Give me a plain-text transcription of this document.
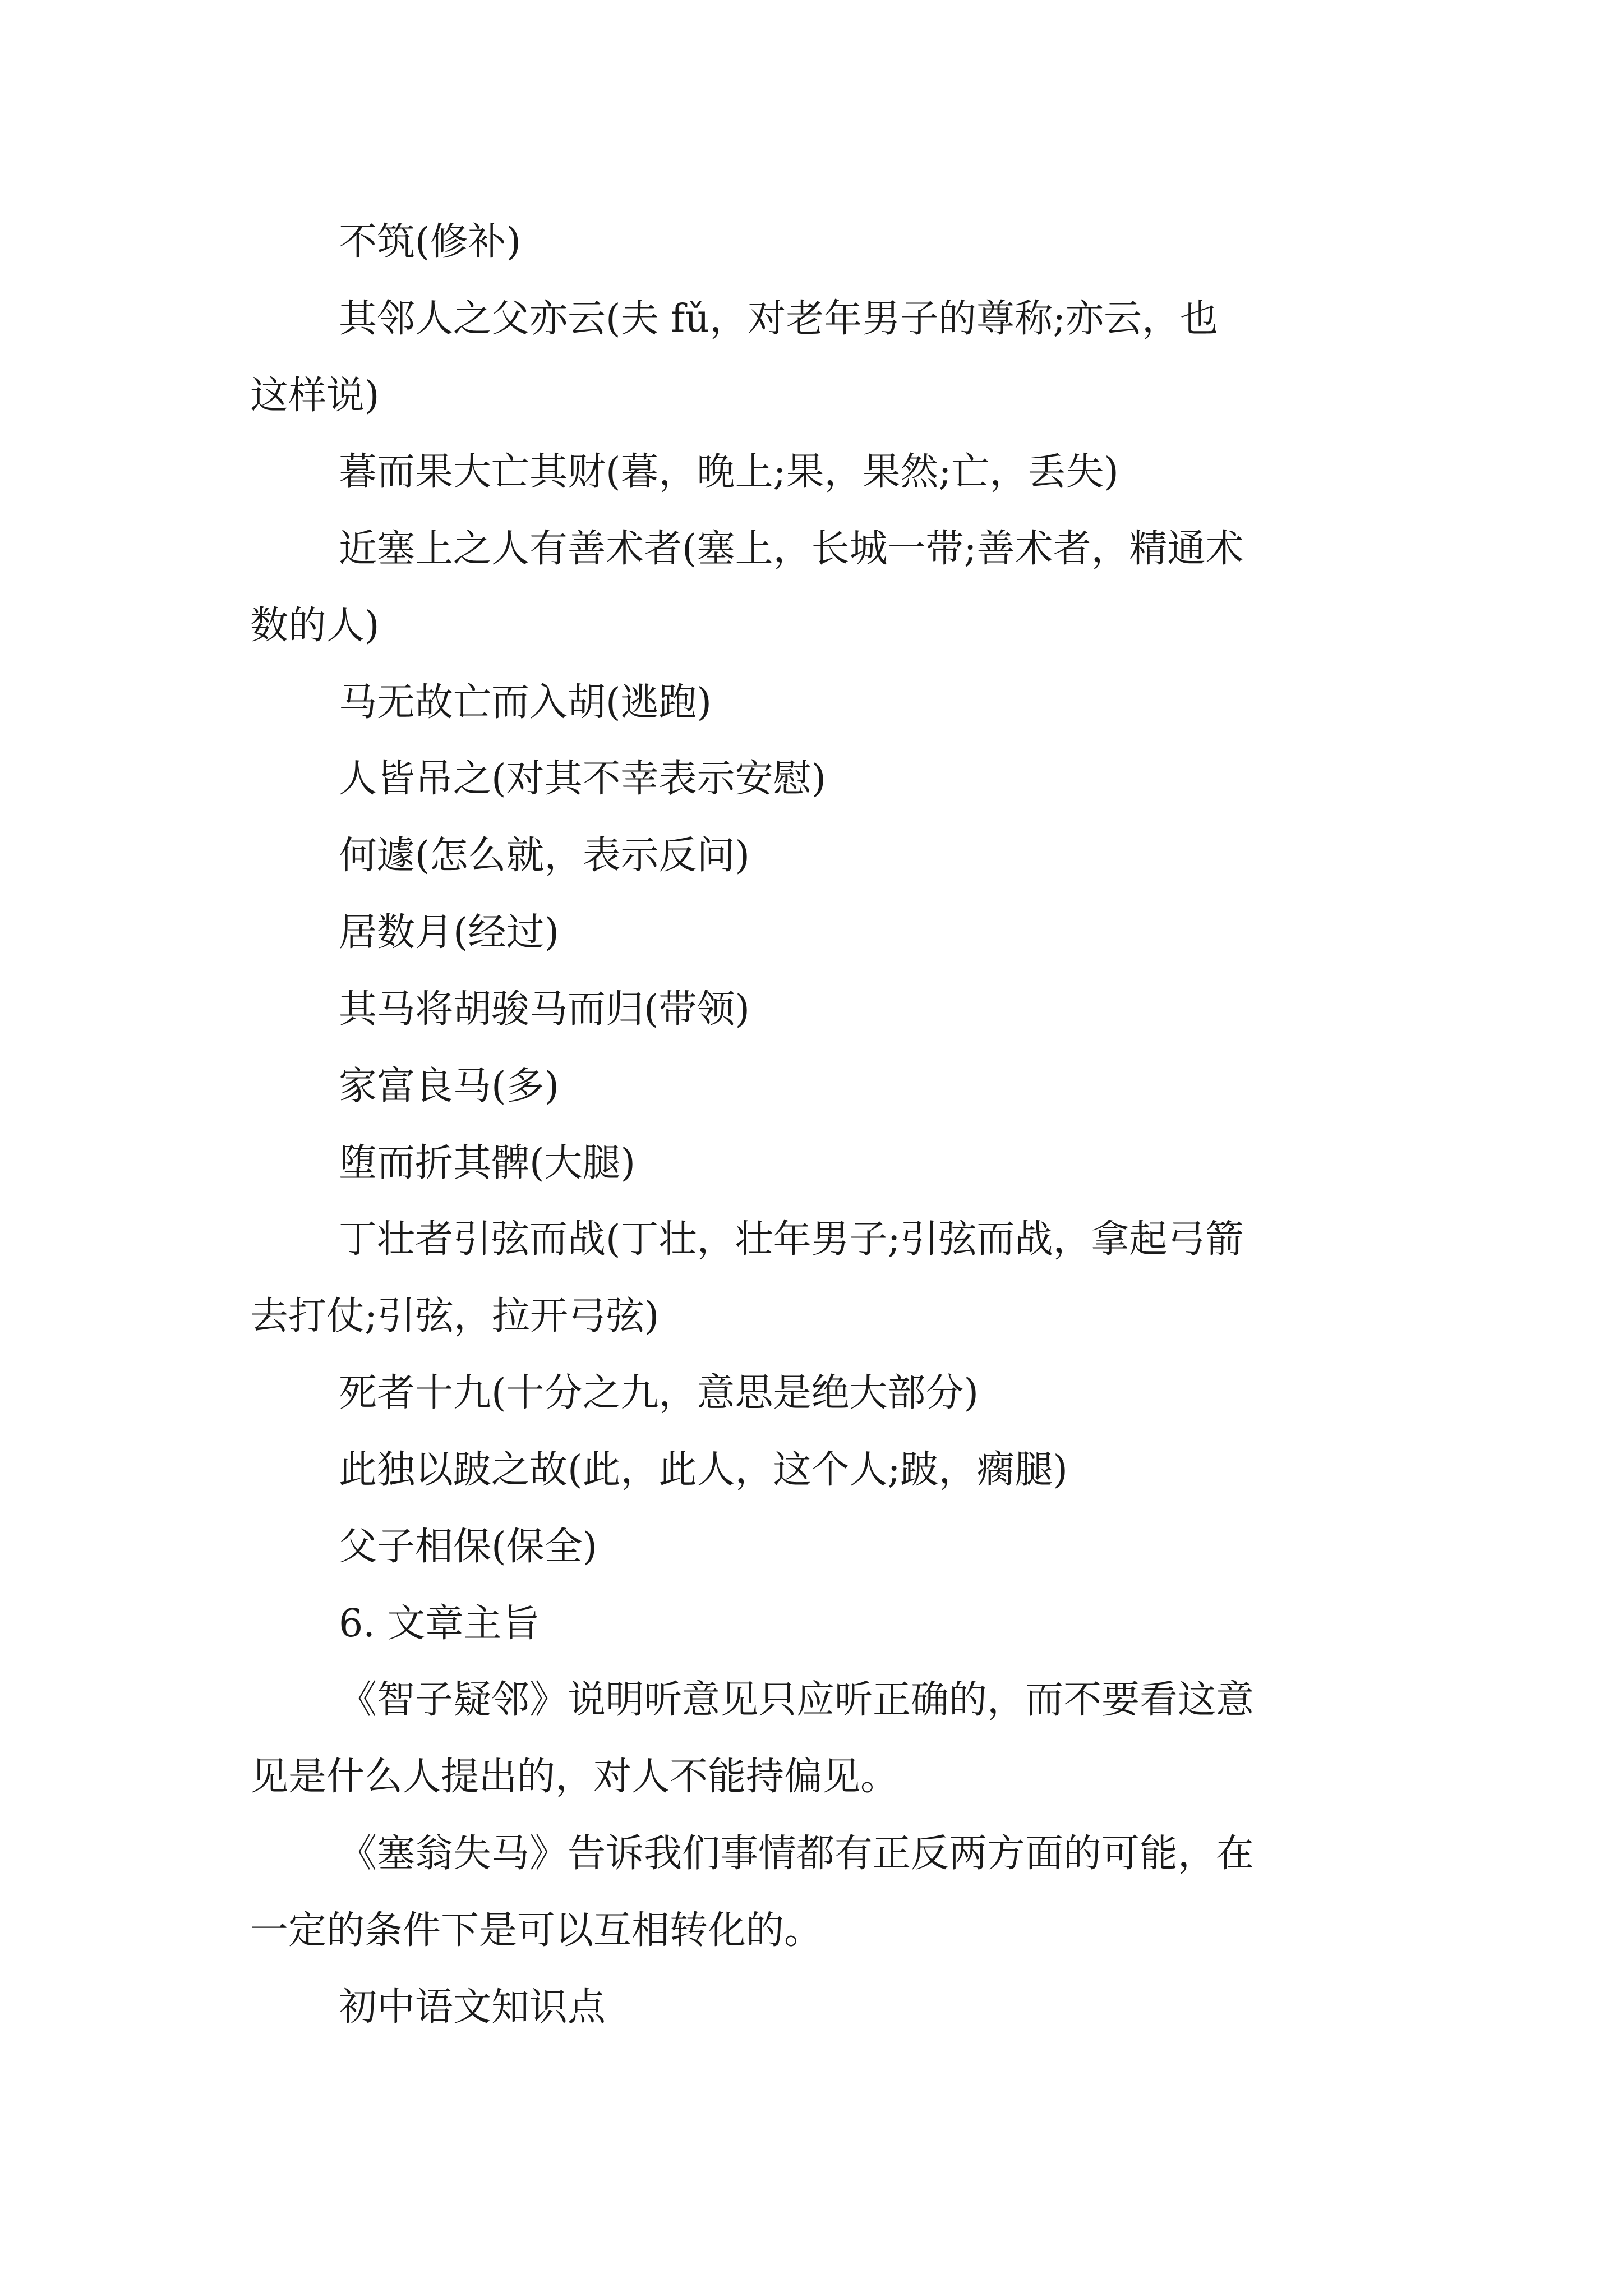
不筑(修补)
其邻人之父亦云(夫 fǔ，对老年男子的尊称;亦云，也
这样说)
暮而果大亡其财(暮，晚上;果，果然;亡，丢失)
近塞上之人有善术者(塞上，长城一带;善术者，精通术
数的人)
马无故亡而入胡(逃跑)
人皆吊之(对其不幸表示安慰)
何遽(怎么就，表示反问)
居数月(经过)
其马将胡骏马而归(带领)
家富良马(多)
堕而折其髀(大腿)
丁壮者引弦而战(丁壮，壮年男子;引弦而战，拿起弓箭
去打仗;引弦，拉开弓弦)
死者十九(十分之九，意思是绝大部分)
此独以跛之故(此，此人，这个人;跛，瘸腿)
父子相保(保全)
6. 文章主旨
《智子疑邻》说明听意见只应听正确的，而不要看这意
见是什么人提出的，对人不能持偏见。
《塞翁失马》告诉我们事情都有正反两方面的可能，在
一定的条件下是可以互相转化的。
初中语文知识点
